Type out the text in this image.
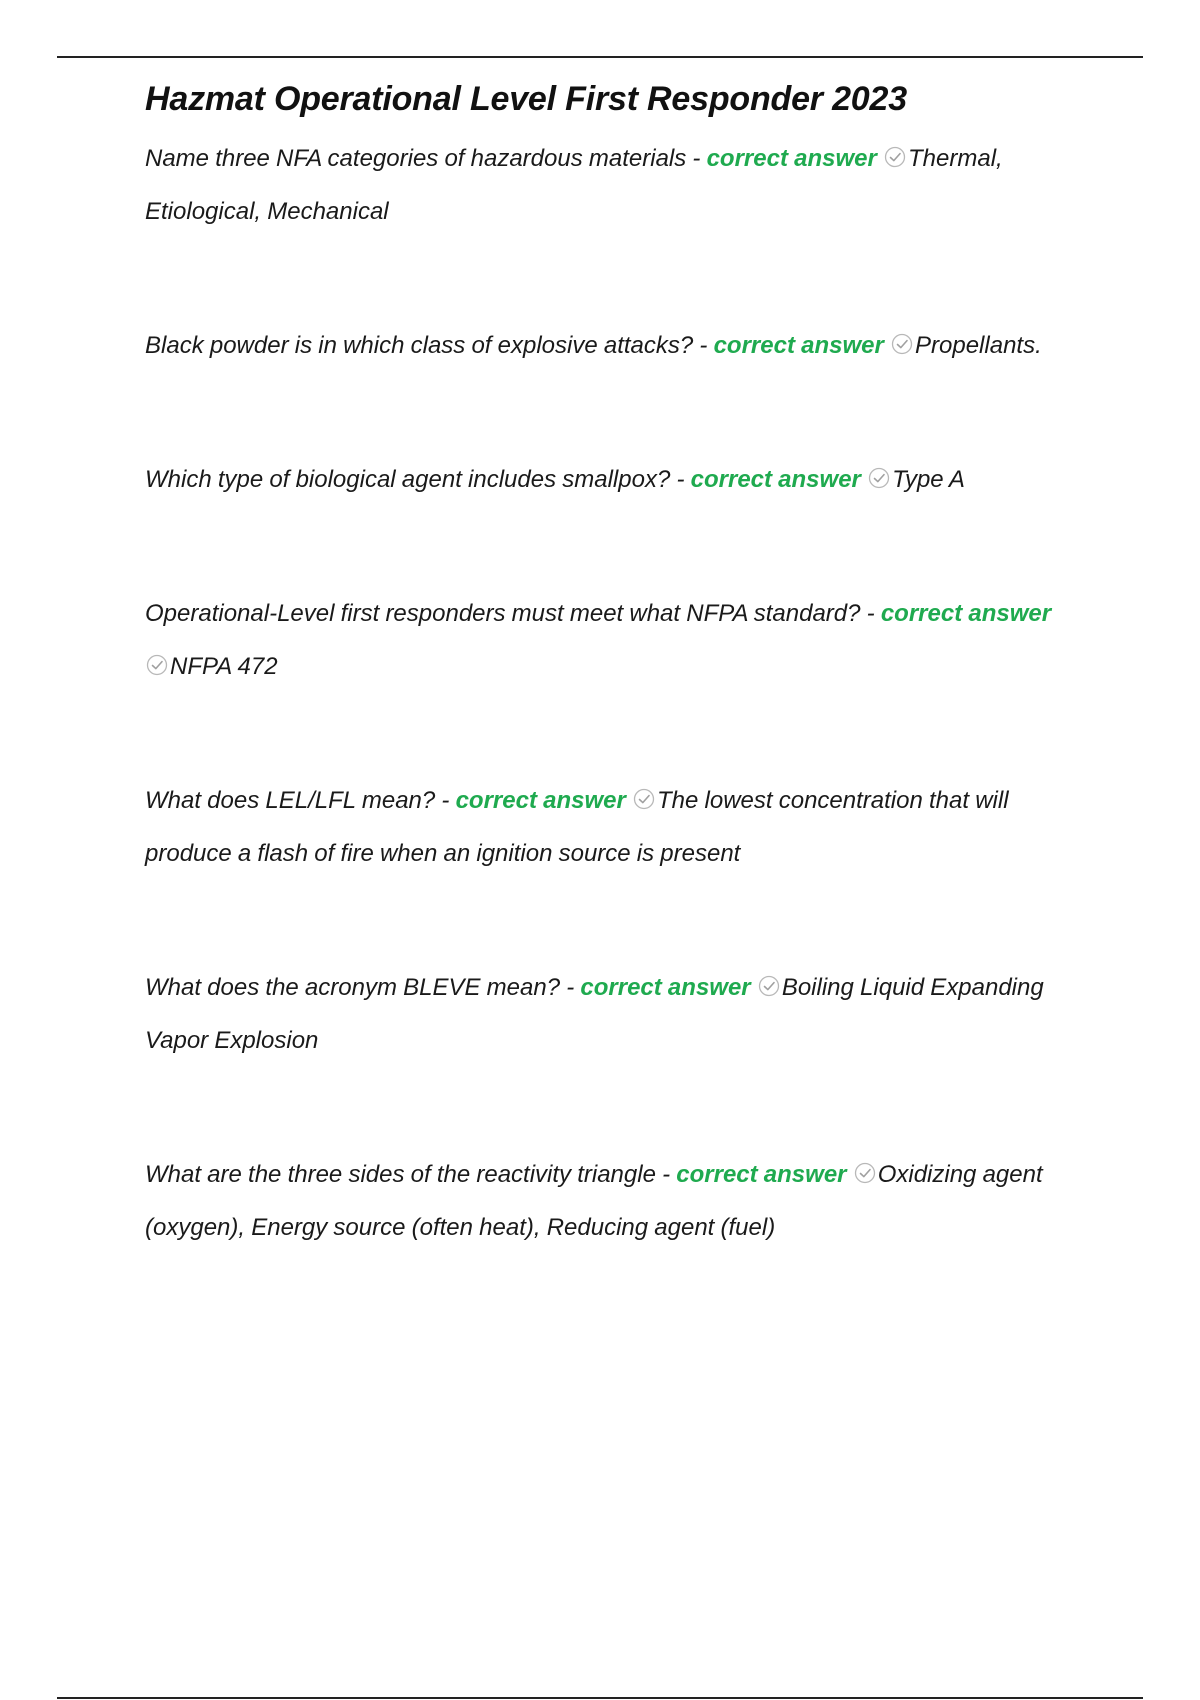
Hazmat Operational Level First Responder 2023
Name three NFA categories of hazardous materials - correct answer Thermal, Etiological, Mechanical
Black powder is in which class of explosive attacks? - correct answer Propellants.
Which type of biological agent includes smallpox? - correct answer Type A
Operational-Level first responders must meet what NFPA standard? - correct answer NFPA 472
What does LEL/LFL mean? - correct answer The lowest concentration that will produce a flash of fire when an ignition source is present
What does the acronym BLEVE mean? - correct answer Boiling Liquid Expanding Vapor Explosion
What are the three sides of the reactivity triangle - correct answer Oxidizing agent (oxygen), Energy source (often heat), Reducing agent (fuel)
